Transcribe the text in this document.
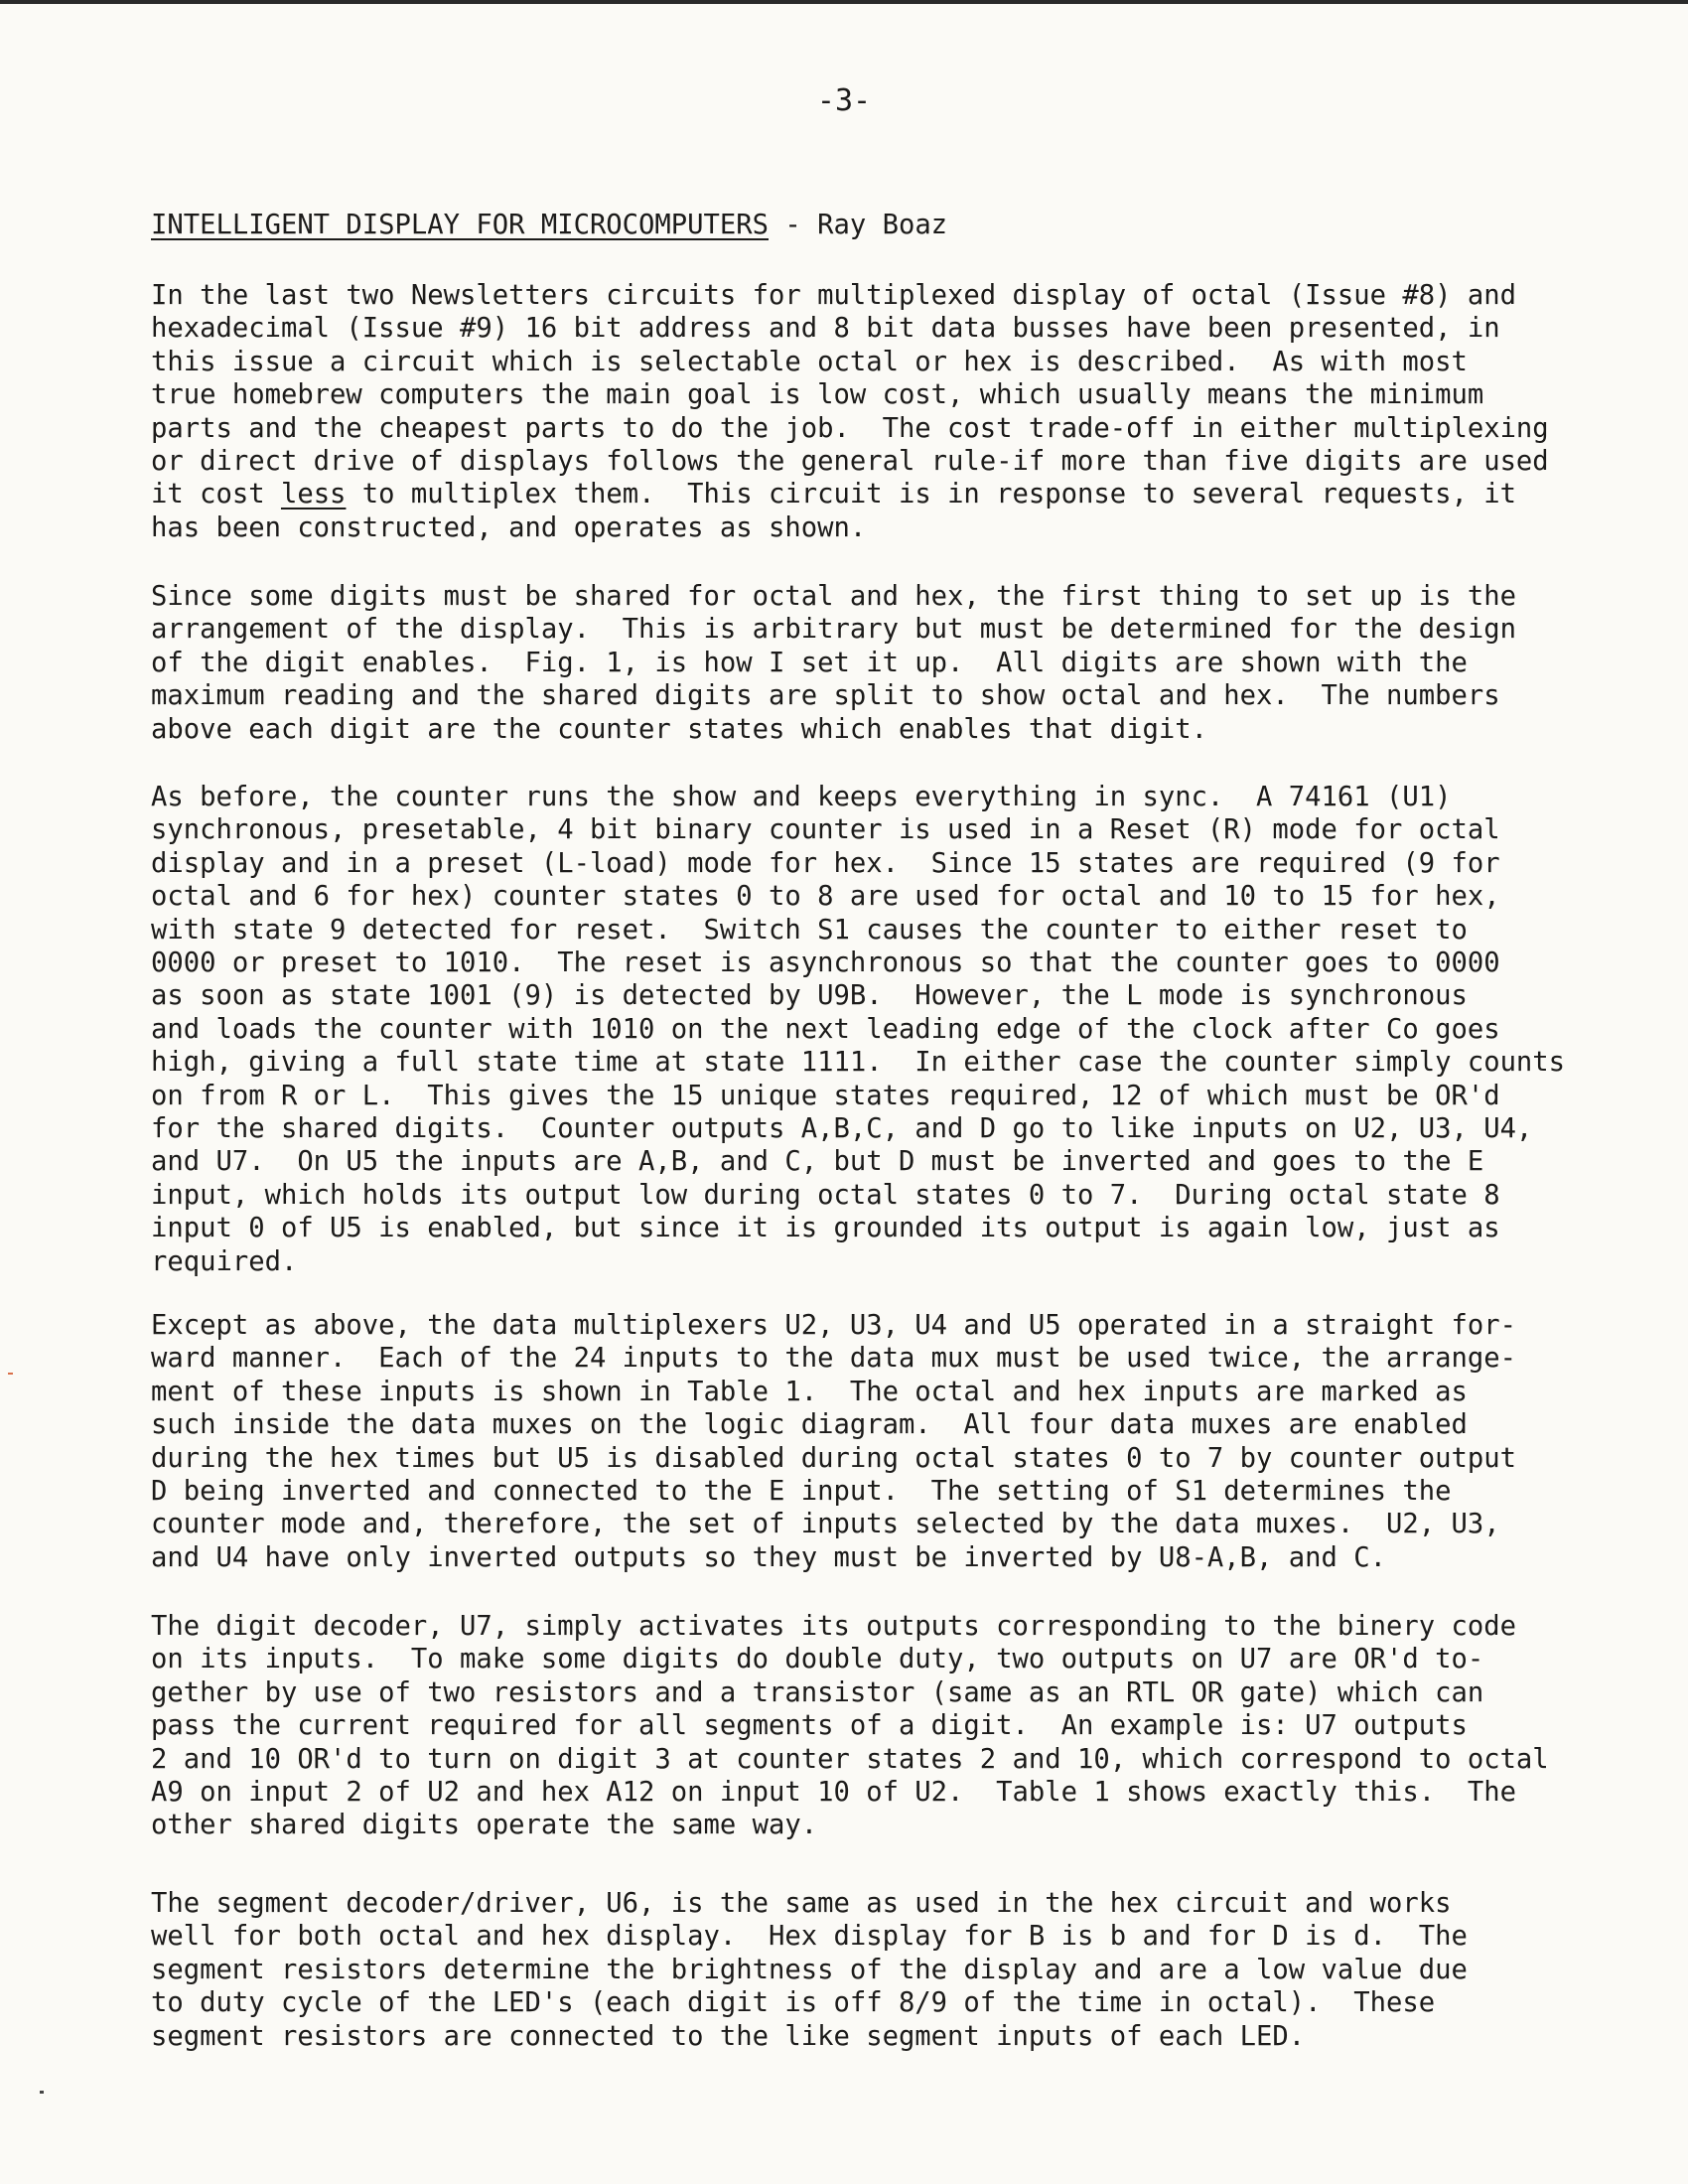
-3-
INTELLIGENT DISPLAY FOR MICROCOMPUTERS - Ray Boaz
In the last two Newsletters circuits for multiplexed display of octal (Issue #8) and
hexadecimal (Issue #9) 16 bit address and 8 bit data busses have been presented, in
this issue a circuit which is selectable octal or hex is described.  As with most
true homebrew computers the main goal is low cost, which usually means the minimum
parts and the cheapest parts to do the job.  The cost trade-off in either multiplexing
or direct drive of displays follows the general rule-if more than five digits are used
it cost less to multiplex them.  This circuit is in response to several requests, it
has been constructed, and operates as shown.
Since some digits must be shared for octal and hex, the first thing to set up is the
arrangement of the display.  This is arbitrary but must be determined for the design
of the digit enables.  Fig. 1, is how I set it up.  All digits are shown with the
maximum reading and the shared digits are split to show octal and hex.  The numbers
above each digit are the counter states which enables that digit.
As before, the counter runs the show and keeps everything in sync.  A 74161 (U1)
synchronous, presetable, 4 bit binary counter is used in a Reset (R) mode for octal
display and in a preset (L-load) mode for hex.  Since 15 states are required (9 for
octal and 6 for hex) counter states 0 to 8 are used for octal and 10 to 15 for hex,
with state 9 detected for reset.  Switch S1 causes the counter to either reset to
0000 or preset to 1010.  The reset is asynchronous so that the counter goes to 0000
as soon as state 1001 (9) is detected by U9B.  However, the L mode is synchronous
and loads the counter with 1010 on the next leading edge of the clock after Co goes
high, giving a full state time at state 1111.  In either case the counter simply counts
on from R or L.  This gives the 15 unique states required, 12 of which must be OR'd
for the shared digits.  Counter outputs A,B,C, and D go to like inputs on U2, U3, U4,
and U7.  On U5 the inputs are A,B, and C, but D must be inverted and goes to the E
input, which holds its output low during octal states 0 to 7.  During octal state 8
input 0 of U5 is enabled, but since it is grounded its output is again low, just as
required.
Except as above, the data multiplexers U2, U3, U4 and U5 operated in a straight for-
ward manner.  Each of the 24 inputs to the data mux must be used twice, the arrange-
ment of these inputs is shown in Table 1.  The octal and hex inputs are marked as
such inside the data muxes on the logic diagram.  All four data muxes are enabled
during the hex times but U5 is disabled during octal states 0 to 7 by counter output
D being inverted and connected to the E input.  The setting of S1 determines the
counter mode and, therefore, the set of inputs selected by the data muxes.  U2, U3,
and U4 have only inverted outputs so they must be inverted by U8-A,B, and C.
The digit decoder, U7, simply activates its outputs corresponding to the binery code
on its inputs.  To make some digits do double duty, two outputs on U7 are OR'd to-
gether by use of two resistors and a transistor (same as an RTL OR gate) which can
pass the current required for all segments of a digit.  An example is: U7 outputs
2 and 10 OR'd to turn on digit 3 at counter states 2 and 10, which correspond to octal
A9 on input 2 of U2 and hex A12 on input 10 of U2.  Table 1 shows exactly this.  The
other shared digits operate the same way.
The segment decoder/driver, U6, is the same as used in the hex circuit and works
well for both octal and hex display.  Hex display for B is b and for D is d.  The
segment resistors determine the brightness of the display and are a low value due
to duty cycle of the LED's (each digit is off 8/9 of the time in octal).  These
segment resistors are connected to the like segment inputs of each LED.
